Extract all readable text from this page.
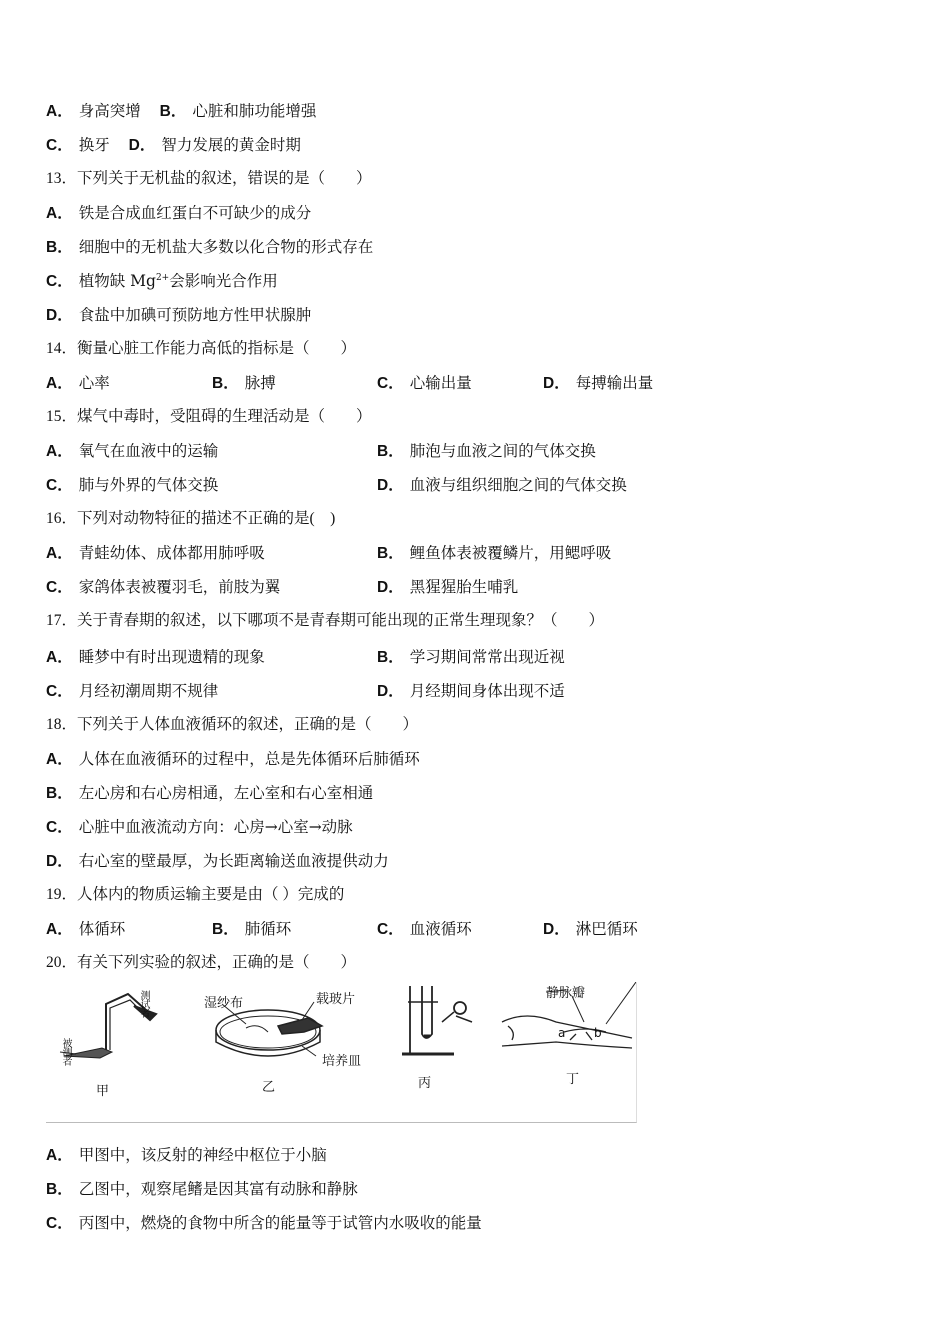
A． 身高突增 B． 心脏和肺功能增强
C． 换牙 D． 智力发展的黄金时期
13．下列关于无机盐的叙述，错误的是（　　）
A． 铁是合成血红蛋白不可缺少的成分
B． 细胞中的无机盐大多数以化合物的形式存在
C． 植物缺 $Mg^{2+}$会影响光合作用
D． 食盐中加碘可预防地方性甲状腺肿
14．衡量心脏工作能力高低的指标是（　　）
A． 心率	B． 脉搏	C． 心输出量	D． 每搏输出量
15．煤气中毒时，受阻碍的生理活动是（　　）
A． 氧气在血液中的运输	B． 肺泡与血液之间的气体交换
C． 肺与外界的气体交换	D． 血液与组织细胞之间的气体交换
16．下列对动物特征的描述不正确的是(　)
A． 青蛙幼体、成体都用肺呼吸	B． 鲤鱼体表被覆鳞片，用鳃呼吸
C． 家鸽体表被覆羽毛，前肢为翼	D． 黑猩猩胎生哺乳
17．关于青春期的叙述，以下哪项不是青春期可能出现的正常生理现象？（　　）
A． 睡梦中有时出现遗精的现象	B． 学习期间常常出现近视
C． 月经初潮周期不规律	D． 月经期间身体出现不适
18．下列关于人体血液循环的叙述，正确的是（　　）
A． 人体在血液循环的过程中，总是先体循环后肺循环
B． 左心房和右心房相通，左心室和右心室相通
C． 心脏中血液流动方向：心房→心室→动脉
D． 右心室的壁最厚，为长距离输送血液提供动力
19．人体内的物质运输主要是由（ ）完成的
A． 体循环	B． 肺循环	C． 血液循环	D． 淋巴循环
20．有关下列实验的叙述，正确的是（　　）
测试者
被测者
甲
湿纱布	载玻片
培养皿
乙	丙
静脉瓣
a b
丁
A． 甲图中，该反射的神经中枢位于小脑
B． 乙图中，观察尾鳍是因其富有动脉和静脉
C． 丙图中，燃烧的食物中所含的能量等于试管内水吸收的能量
